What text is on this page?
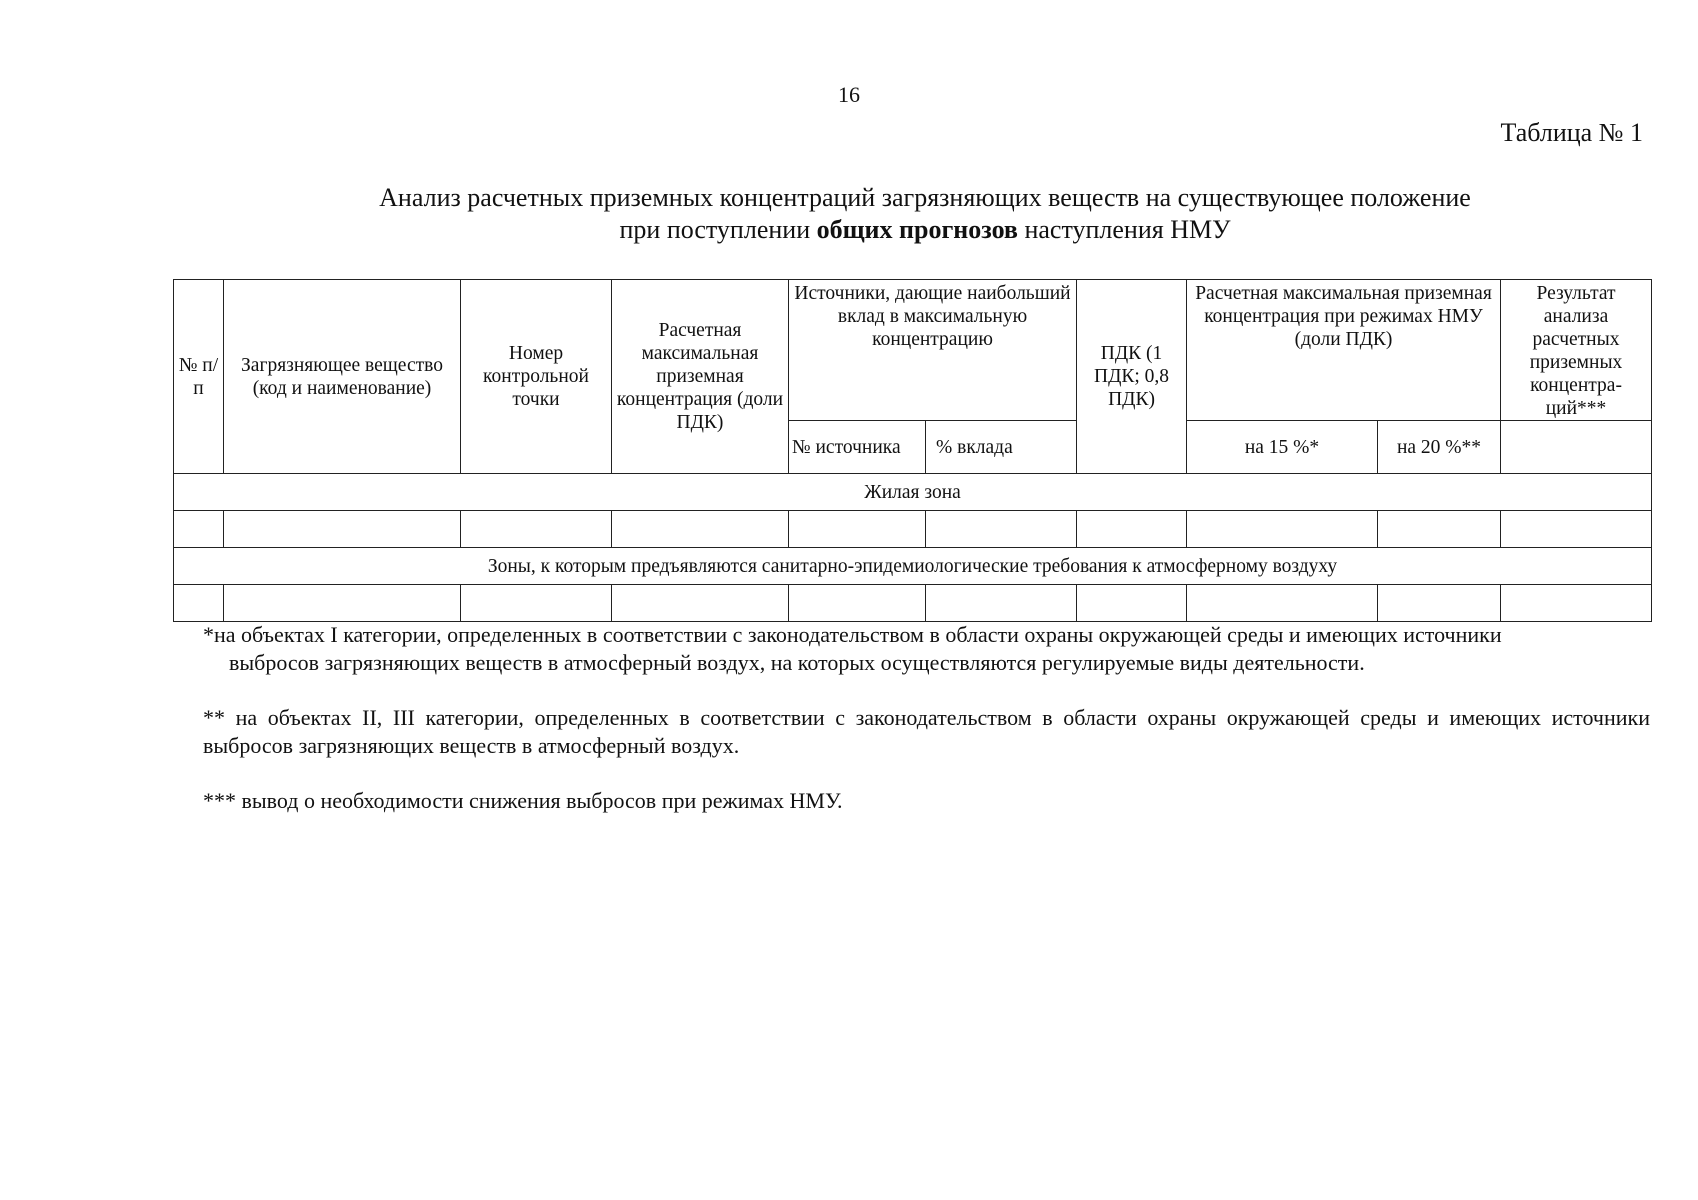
16
Таблица № 1
Анализ расчетных приземных концентраций загрязняющих веществ на существующее положение
при поступлении общих прогнозов наступления НМУ
№ п/ п	Загрязняющее вещество (код и наименование)	Номер контрольной точки	Расчетная максимальная приземная концентрация (доли ПДК)	Источники, дающие наибольший вклад в максимальную концентрацию		ПДК (1 ПДК; 0,8 ПДК)	Расчетная максимальная приземная концентрация при режимах НМУ (доли ПДК)		Результат анализа расчетных приземных концентра-ций***
				№ источника	% вклада		на 15 %*	на 20 %**	
Жилая зона									

Зоны, к которым предъявляются санитарно-эпидемиологические требования к атмосферному воздуху									

*на объектах I категории, определенных в соответствии с законодательством в области охраны окружающей среды и имеющих источники

выбросов загрязняющих веществ в атмосферный воздух, на которых осуществляются регулируемые виды деятельности.

** на объектах II, III категории, определенных в соответствии с законодательством в области охраны окружающей среды и имеющих источники выбросов загрязняющих веществ в атмосферный воздух.

*** вывод о необходимости снижения выбросов при режимах НМУ.
